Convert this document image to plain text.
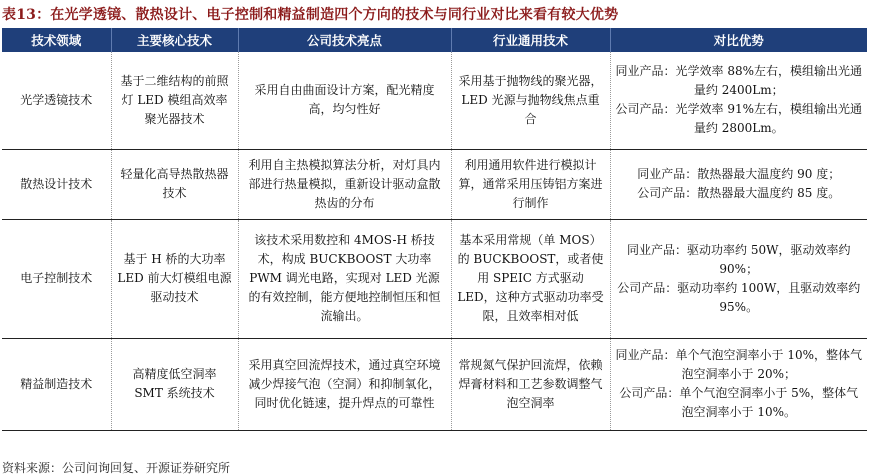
表13：在光学透镜、散热设计、电子控制和精益制造四个方向的技术与同行业对比来看有较大优势
技术领域	主要核心技术	公司技术亮点	行业通用技术	对比优势
光学透镜技术	基于二维结构的前照灯 LED 模组高效率聚光器技术	采用自由曲面设计方案，配光精度高，均匀性好	采用基于抛物线的聚光器，LED 光源与抛物线焦点重合	同业产品：光学效率 88%左右，模组输出光通量约 2400Lm；
公司产品：光学效率 91%左右，模组输出光通量约 2800Lm。

散热设计技术	轻量化高导热散热器技术	利用自主热模拟算法分析，对灯具内部进行热量模拟，重新设计驱动盒散热齿的分布	利用通用软件进行模拟计算，通常采用压铸铝方案进行制作	同业产品：散热器最大温度约 90 度；
公司产品：散热器最大温度约 85 度。

电子控制技术	基于 H 桥的大功率 LED 前大灯模组电源驱动技术	该技术采用数控和 4MOS-H 桥技术，构成 BUCKBOOST 大功率 PWM 调光电路，实现对 LED 光源的有效控制，能方便地控制恒压和恒流输出。	基本采用常规（单 MOS）的 BUCKBOOST，或者使用 SPEIC 方式驱动 LED，这种方式驱动功率受限，且效率相对低	同业产品：驱动功率约 50W，驱动效率约 90%；
公司产品：驱动功率约 100W，且驱动效率约 95%。

精益制造技术	高精度低空洞率 SMT 系统技术	采用真空回流焊技术，通过真空环境减少焊接气泡（空洞）和抑制氧化，同时优化链速，提升焊点的可靠性	常规氮气保护回流焊，依赖焊膏材料和工艺参数调整气泡空洞率	同业产品：单个气泡空洞率小于 10%，整体气泡空洞率小于 20%；
公司产品：单个气泡空洞率小于 5%，整体气泡空洞率小于 10%。
资料来源：公司问询回复、开源证券研究所
